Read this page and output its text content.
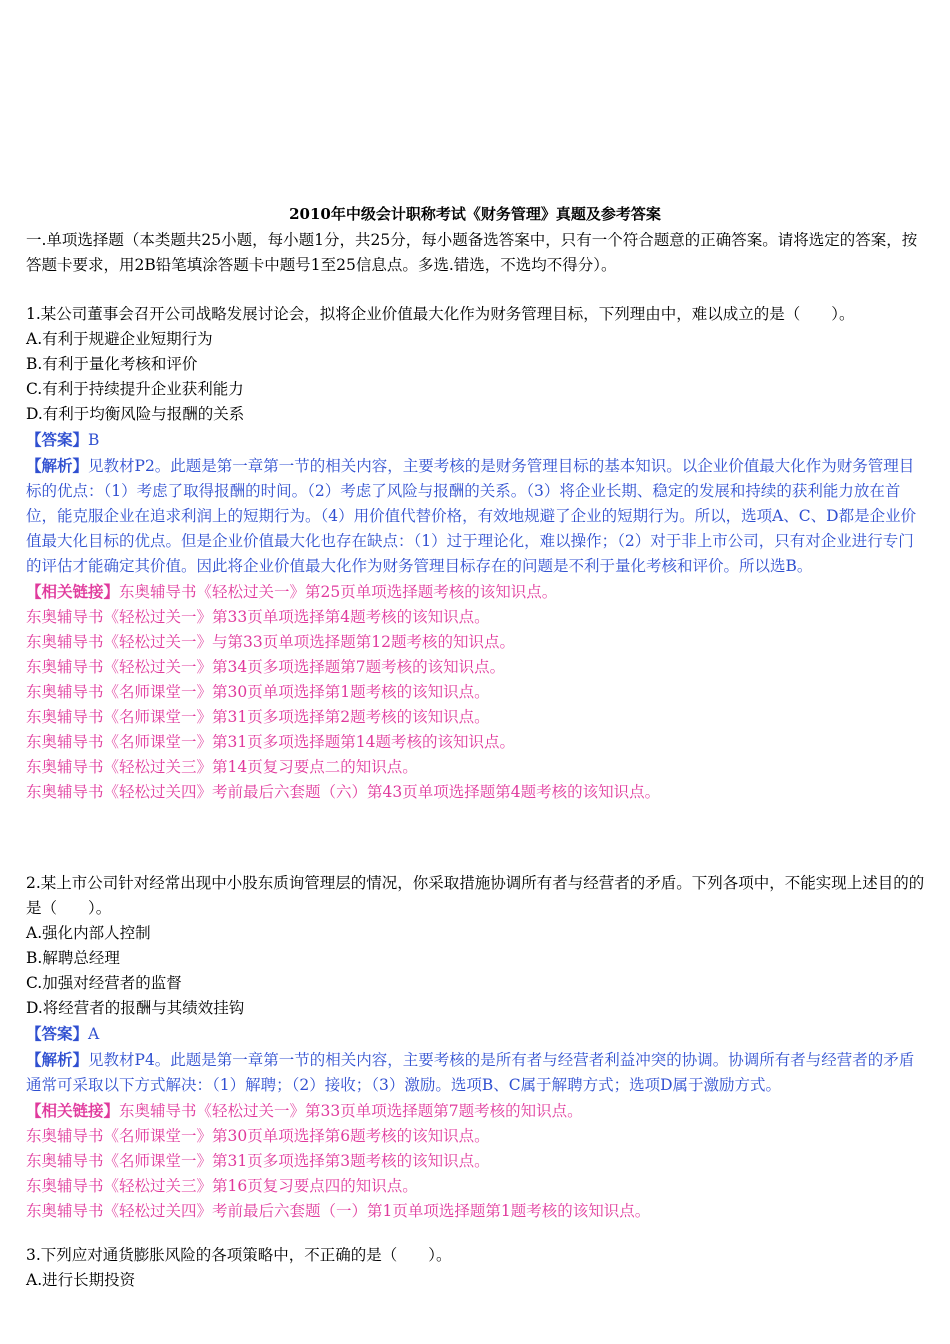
2010年中级会计职称考试《财务管理》真题及参考答案

一.单项选择题（本类题共25小题，每小题1分，共25分，每小题备选答案中，只有一个符合题意的正确答案。请将选定的答案，按答题卡要求，用2B铅笔填涂答题卡中题号1至25信息点。多选.错选，不选均不得分）。

1.某公司董事会召开公司战略发展讨论会，拟将企业价值最大化作为财务管理目标，下列理由中，难以成立的是（　　）。

A.有利于规避企业短期行为

B.有利于量化考核和评价

C.有利于持续提升企业获利能力

D.有利于均衡风险与报酬的关系

【答案】B

【解析】见教材P2。此题是第一章第一节的相关内容，主要考核的是财务管理目标的基本知识。以企业价值最大化作为财务管理目标的优点：（1）考虑了取得报酬的时间。（2）考虑了风险与报酬的关系。（3）将企业长期、稳定的发展和持续的获利能力放在首位，能克服企业在追求利润上的短期行为。（4）用价值代替价格，有效地规避了企业的短期行为。所以，选项A、C、D都是企业价值最大化目标的优点。但是企业价值最大化也存在缺点：（1）过于理论化，难以操作；（2）对于非上市公司，只有对企业进行专门的评估才能确定其价值。因此将企业价值最大化作为财务管理目标存在的问题是不利于量化考核和评价。所以选B。

【相关链接】东奥辅导书《轻松过关一》第25页单项选择题考核的该知识点。

东奥辅导书《轻松过关一》第33页单项选择第4题考核的该知识点。

东奥辅导书《轻松过关一》与第33页单项选择题第12题考核的知识点。

东奥辅导书《轻松过关一》第34页多项选择题第7题考核的该知识点。

东奥辅导书《名师课堂一》第30页单项选择第1题考核的该知识点。

东奥辅导书《名师课堂一》第31页多项选择第2题考核的该知识点。

东奥辅导书《名师课堂一》第31页多项选择题第14题考核的该知识点。

东奥辅导书《轻松过关三》第14页复习要点二的知识点。

东奥辅导书《轻松过关四》考前最后六套题（六）第43页单项选择题第4题考核的该知识点。

2.某上市公司针对经常出现中小股东质询管理层的情况，你采取措施协调所有者与经营者的矛盾。下列各项中，不能实现上述目的的是（　　）。

A.强化内部人控制

B.解聘总经理

C.加强对经营者的监督

D.将经营者的报酬与其绩效挂钩

【答案】A

【解析】见教材P4。此题是第一章第一节的相关内容，主要考核的是所有者与经营者利益冲突的协调。协调所有者与经营者的矛盾通常可采取以下方式解决：（1）解聘；（2）接收；（3）激励。选项B、C属于解聘方式；选项D属于激励方式。

【相关链接】东奥辅导书《轻松过关一》第33页单项选择题第7题考核的知识点。

东奥辅导书《名师课堂一》第30页单项选择第6题考核的该知识点。

东奥辅导书《名师课堂一》第31页多项选择第3题考核的该知识点。

东奥辅导书《轻松过关三》第16页复习要点四的知识点。

东奥辅导书《轻松过关四》考前最后六套题（一）第1页单项选择题第1题考核的该知识点。

3.下列应对通货膨胀风险的各项策略中，不正确的是（　　）。

A.进行长期投资
